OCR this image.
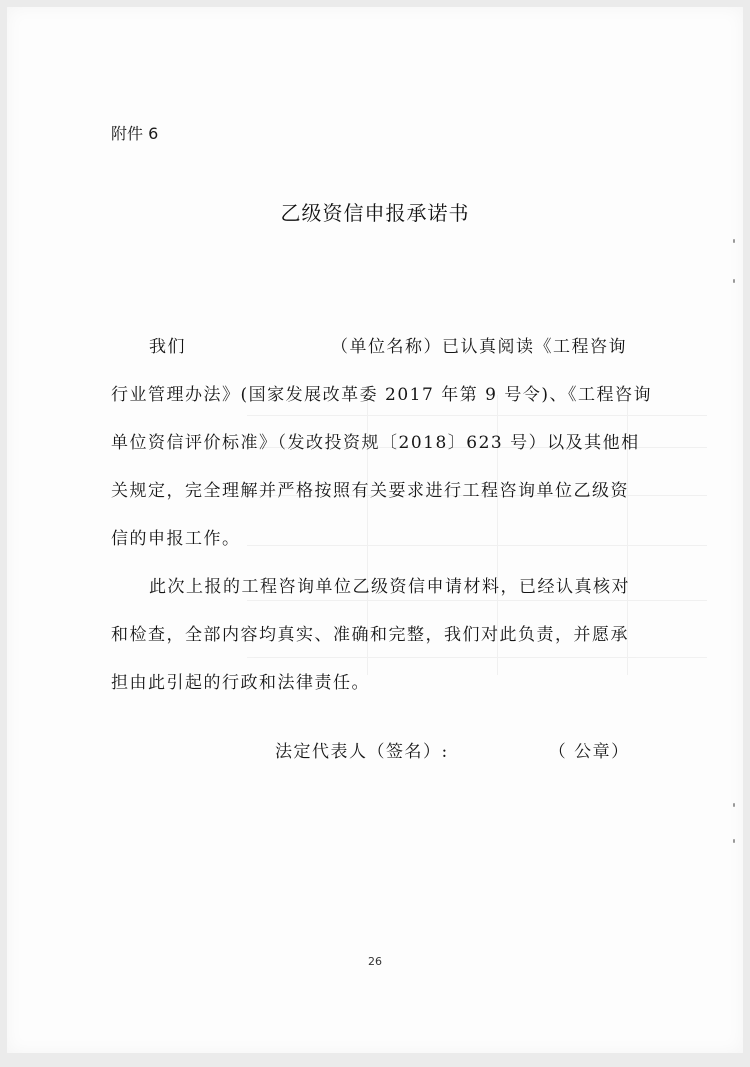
附件 6
乙级资信申报承诺书
我们	（单位名称）已认真阅读《工程咨询
行业管理办法》(国家发展改革委 2017 年第 9 号令)、《工程咨询
单位资信评价标准》（发改投资规〔2018〕623 号）以及其他相
关规定，完全理解并严格按照有关要求进行工程咨询单位乙级资
信的申报工作。
此次上报的工程咨询单位乙级资信申请材料，已经认真核对
和检查，全部内容均真实、准确和完整，我们对此负责，并愿承
担由此引起的行政和法律责任。
法定代表人（签名）:	（ 公章）
26
